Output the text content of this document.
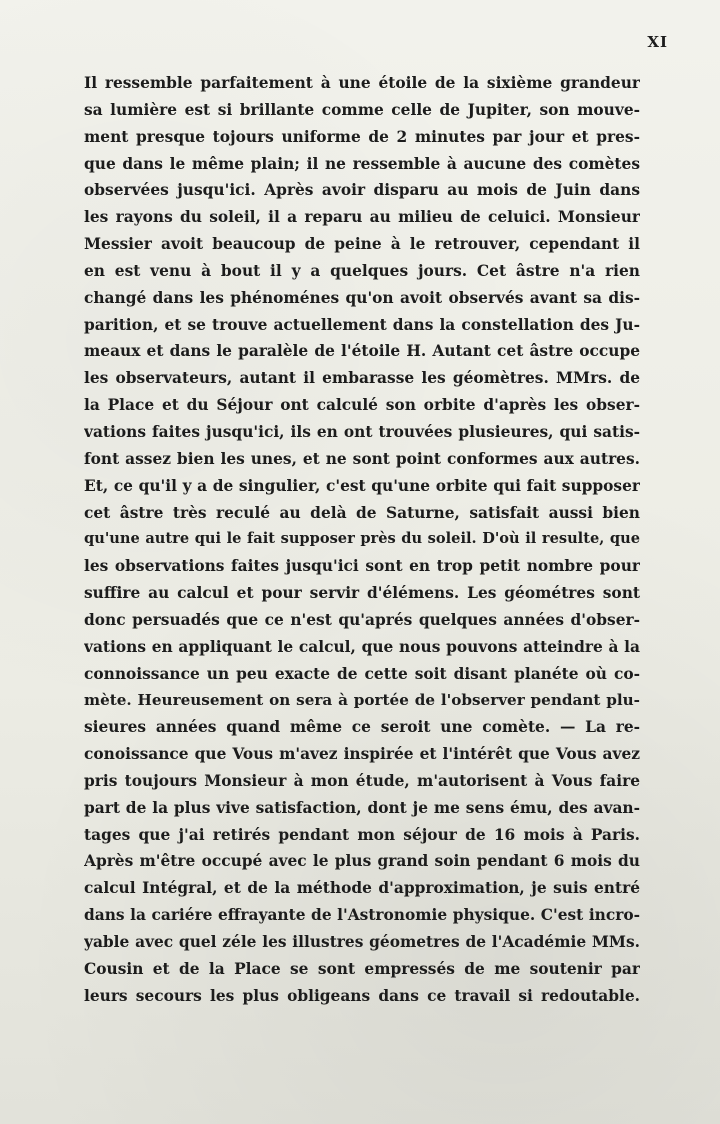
XI
Il ressemble parfaitement à une étoile de la sixième grandeur
sa lumière est si brillante comme celle de Jupiter, son mouve-
ment presque tojours uniforme de 2 minutes par jour et pres-
que dans le même plain; il ne ressemble à aucune des comètes
observées jusqu'ici. Après avoir disparu au mois de Juin dans
les rayons du soleil, il a reparu au milieu de celuici. Monsieur
Messier avoit beaucoup de peine à le retrouver, cependant il
en est venu à bout il y a quelques jours. Cet âstre n'a rien
changé dans les phénoménes qu'on avoit observés avant sa dis-
parition, et se trouve actuellement dans la constellation des Ju-
meaux et dans le paralèle de l'étoile H. Autant cet âstre occupe
les observateurs, autant il embarasse les géomètres. MMrs. de
la Place et du Séjour ont calculé son orbite d'après les obser-
vations faites jusqu'ici, ils en ont trouvées plusieures, qui satis-
font assez bien les unes, et ne sont point conformes aux autres.
Et, ce qu'il y a de singulier, c'est qu'une orbite qui fait supposer
cet âstre très reculé au delà de Saturne, satisfait aussi bien
qu'une autre qui le fait supposer près du soleil. D'où il resulte, que
les observations faites jusqu'ici sont en trop petit nombre pour
suffire au calcul et pour servir d'élémens. Les géométres sont
donc persuadés que ce n'est qu'aprés quelques années d'obser-
vations en appliquant le calcul, que nous pouvons atteindre à la
connoissance un peu exacte de cette soit disant planéte où co-
mète. Heureusement on sera à portée de l'observer pendant plu-
sieures années quand même ce seroit une comète. — La re-
conoissance que Vous m'avez inspirée et l'intérêt que Vous avez
pris toujours Monsieur à mon étude, m'autorisent à Vous faire
part de la plus vive satisfaction, dont je me sens ému, des avan-
tages que j'ai retirés pendant mon séjour de 16 mois à Paris.
Après m'être occupé avec le plus grand soin pendant 6 mois du
calcul Intégral, et de la méthode d'approximation, je suis entré
dans la cariére effrayante de l'Astronomie physique. C'est incro-
yable avec quel zéle les illustres géometres de l'Académie MMs.
Cousin et de la Place se sont empressés de me soutenir par
leurs secours les plus obligeans dans ce travail si redoutable.
